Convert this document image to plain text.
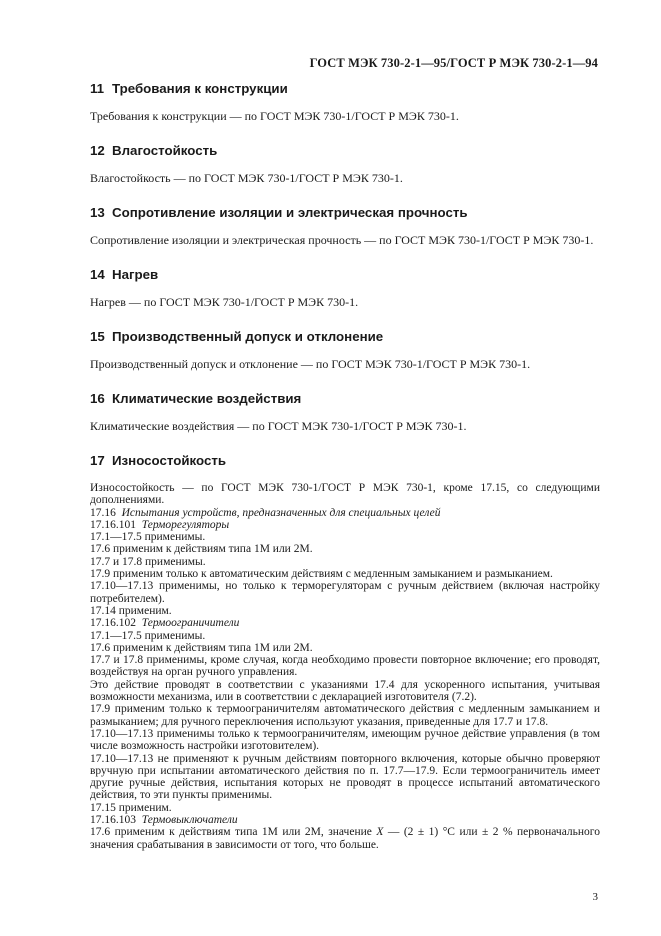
ГОСТ МЭК 730-2-1—95/ГОСТ Р МЭК 730-2-1—94
11 Требования к конструкции

Требования к конструкции — по ГОСТ МЭК 730-1/ГОСТ Р МЭК 730-1.

12 Влагостойкость

Влагостойкость — по ГОСТ МЭК 730-1/ГОСТ Р МЭК 730-1.

13 Сопротивление изоляции и электрическая прочность

Сопротивление изоляции и электрическая прочность — по ГОСТ МЭК 730-1/ГОСТ Р МЭК 730-1.

14 Нагрев

Нагрев — по ГОСТ МЭК 730-1/ГОСТ Р МЭК 730-1.

15 Производственный допуск и отклонение

Производственный допуск и отклонение — по ГОСТ МЭК 730-1/ГОСТ Р МЭК 730-1.

16 Климатические воздействия

Климатические воздействия — по ГОСТ МЭК 730-1/ГОСТ Р МЭК 730-1.

17 Износостойкость
Износостойкость — по ГОСТ МЭК 730-1/ГОСТ Р МЭК 730-1, кроме 17.15, со следующими дополнениями.
17.16 Испытания устройств, предназначенных для специальных целей
17.16.101 Терморегуляторы
17.1—17.5 применимы.
17.6 применим к действиям типа 1М или 2М.
17.7 и 17.8 применимы.
17.9 применим только к автоматическим действиям с медленным замыканием и размыканием.
17.10—17.13 применимы, но только к терморегуляторам с ручным действием (включая настройку потребителем).
17.14 применим.
17.16.102 Термоограничители
17.1—17.5 применимы.
17.6 применим к действиям типа 1М или 2М.
17.7 и 17.8 применимы, кроме случая, когда необходимо провести повторное включение; его проводят, воздействуя на орган ручного управления.
Это действие проводят в соответствии с указаниями 17.4 для ускоренного испытания, учитывая возможности механизма, или в соответствии с декларацией изготовителя (7.2).
17.9 применим только к термоограничителям автоматического действия с медленным замыканием и размыканием; для ручного переключения используют указания, приведенные для 17.7 и 17.8.
17.10—17.13 применимы только к термоограничителям, имеющим ручное действие управления (в том числе возможность настройки изготовителем).
17.10—17.13 не применяют к ручным действиям повторного включения, которые обычно проверяют вручную при испытании автоматического действия по п. 17.7—17.9. Если термоограничитель имеет другие ручные действия, испытания которых не проводят в процессе испытаний автоматического действия, то эти пункты применимы.
17.15 применим.
17.16.103 Термовыключатели
17.6 применим к действиям типа 1М или 2М, значение X — (2 ± 1) °С или ± 2 % первоначального значения срабатывания в зависимости от того, что больше.
3
